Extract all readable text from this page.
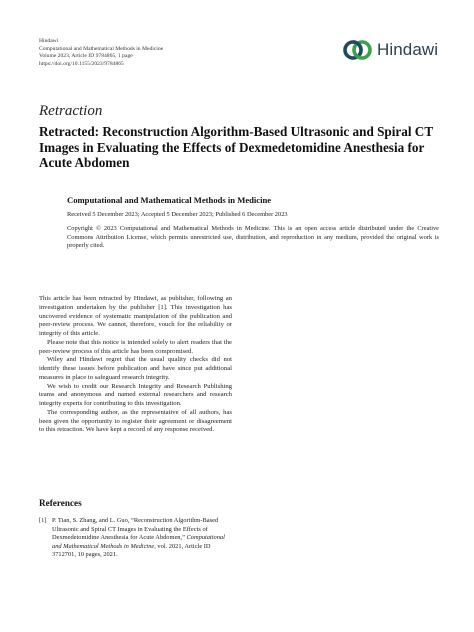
Hindawi
Computational and Mathematical Methods in Medicine
Volume 2023, Article ID 9784865, 1 page
https://doi.org/10.1155/2023/9784865
Hindawi
Retraction
Retracted: Reconstruction Algorithm-Based Ultrasonic and Spiral CT Images in Evaluating the Effects of Dexmedetomidine Anesthesia for Acute Abdomen
Computational and Mathematical Methods in Medicine
Received 5 December 2023; Accepted 5 December 2023; Published 6 December 2023
Copyright © 2023 Computational and Mathematical Methods in Medicine. This is an open access article distributed under the Creative Commons Attribution License, which permits unrestricted use, distribution, and reproduction in any medium, provided the original work is properly cited.

This article has been retracted by Hindawi, as publisher, following an investigation undertaken by the publisher [1]. This investigation has uncovered evidence of systematic manipulation of the publication and peer-review process. We cannot, therefore, vouch for the reliability or integrity of this article.

Please note that this notice is intended solely to alert readers that the peer-review process of this article has been compromised.

Wiley and Hindawi regret that the usual quality checks did not identify these issues before publication and have since put additional measures in place to safeguard research integrity.

We wish to credit our Research Integrity and Research Publishing teams and anonymous and named external researchers and research integrity experts for contributing to this investigation.

The corresponding author, as the representative of all authors, has been given the opportunity to register their agreement or disagreement to this retraction. We have kept a record of any response received.

References
[1] P. Tian, S. Zhang, and L. Guo, “Reconstruction Algorithm-Based Ultrasonic and Spiral CT Images in Evaluating the Effects of Dexmedetomidine Anesthesia for Acute Abdomen,” Computational and Mathematical Methods in Medicine, vol. 2021, Article ID 3712701, 10 pages, 2021.
